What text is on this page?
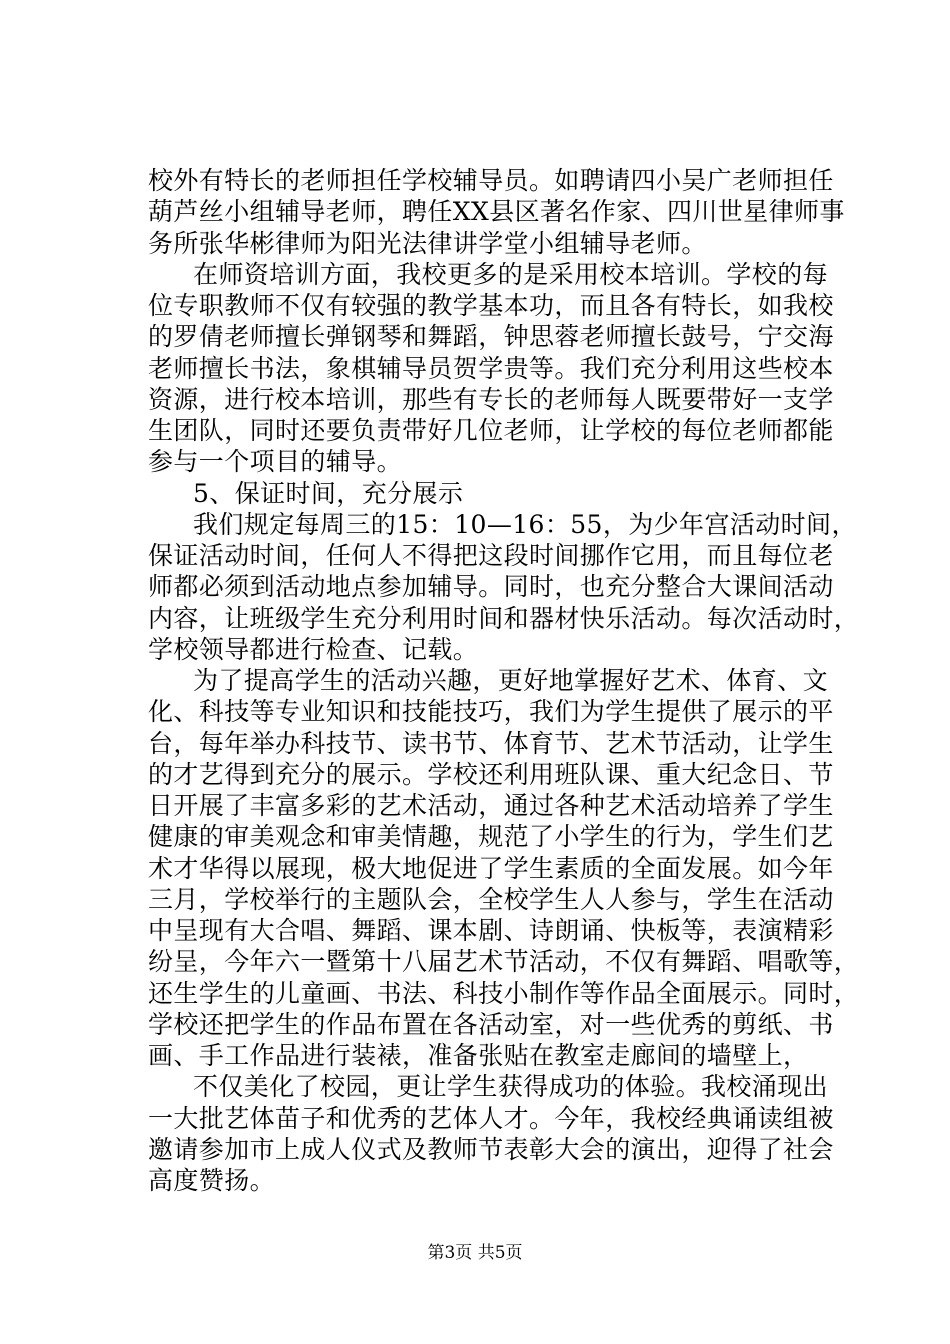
校外有特长的老师担任学校辅导员。如聘请四小吴广老师担任
葫芦丝小组辅导老师，聘任XX县区著名作家、四川世星律师事
务所张华彬律师为阳光法律讲学堂小组辅导老师。
在师资培训方面，我校更多的是采用校本培训。学校的每
位专职教师不仅有较强的教学基本功，而且各有特长，如我校
的罗倩老师擅长弹钢琴和舞蹈，钟思蓉老师擅长鼓号，宁交海
老师擅长书法，象棋辅导员贺学贵等。我们充分利用这些校本
资源，进行校本培训，那些有专长的老师每人既要带好一支学
生团队，同时还要负责带好几位老师，让学校的每位老师都能
参与一个项目的辅导。
5、保证时间，充分展示
我们规定每周三的15：10—16：55，为少年宫活动时间，
保证活动时间，任何人不得把这段时间挪作它用，而且每位老
师都必须到活动地点参加辅导。同时，也充分整合大课间活动
内容，让班级学生充分利用时间和器材快乐活动。每次活动时，
学校领导都进行检查、记载。
为了提高学生的活动兴趣，更好地掌握好艺术、体育、文
化、科技等专业知识和技能技巧，我们为学生提供了展示的平
台，每年举办科技节、读书节、体育节、艺术节活动，让学生
的才艺得到充分的展示。学校还利用班队课、重大纪念日、节
日开展了丰富多彩的艺术活动，通过各种艺术活动培养了学生
健康的审美观念和审美情趣，规范了小学生的行为，学生们艺
术才华得以展现，极大地促进了学生素质的全面发展。如今年
三月，学校举行的主题队会，全校学生人人参与，学生在活动
中呈现有大合唱、舞蹈、课本剧、诗朗诵、快板等，表演精彩
纷呈，今年六一暨第十八届艺术节活动，不仅有舞蹈、唱歌等，
还生学生的儿童画、书法、科技小制作等作品全面展示。同时，
学校还把学生的作品布置在各活动室，对一些优秀的剪纸、书
画、手工作品进行装裱，准备张贴在教室走廊间的墙壁上，
不仅美化了校园，更让学生获得成功的体验。我校涌现出
一大批艺体苗子和优秀的艺体人才。今年，我校经典诵读组被
邀请参加市上成人仪式及教师节表彰大会的演出，迎得了社会
高度赞扬。
第3页 共5页
